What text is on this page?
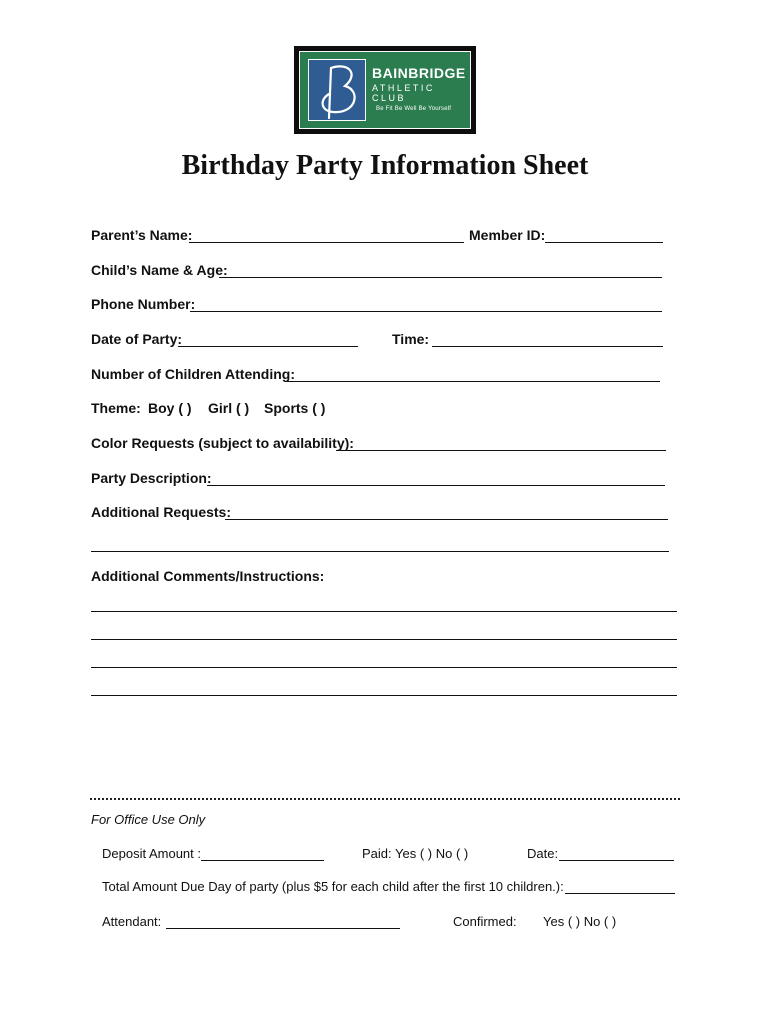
BAINBRIDGE
ATHLETIC CLUB
Be Fit Be Well Be Yourself
Birthday Party Information Sheet
Parent’s Name:	Member ID:
Child’s Name & Age:
Phone Number:
Date of Party:	Time:
Number of Children Attending:
Theme: Boy ( ) Girl ( ) Sports ( )
Color Requests (subject to availability):
Party Description:
Additional Requests:
Additional Comments/Instructions:
For Office Use Only
Deposit Amount :	Paid: Yes ( ) No ( )	Date:
Total Amount Due Day of party (plus $5 for each child after the first 10 children.):
Attendant:	Confirmed: Yes ( ) No ( )
